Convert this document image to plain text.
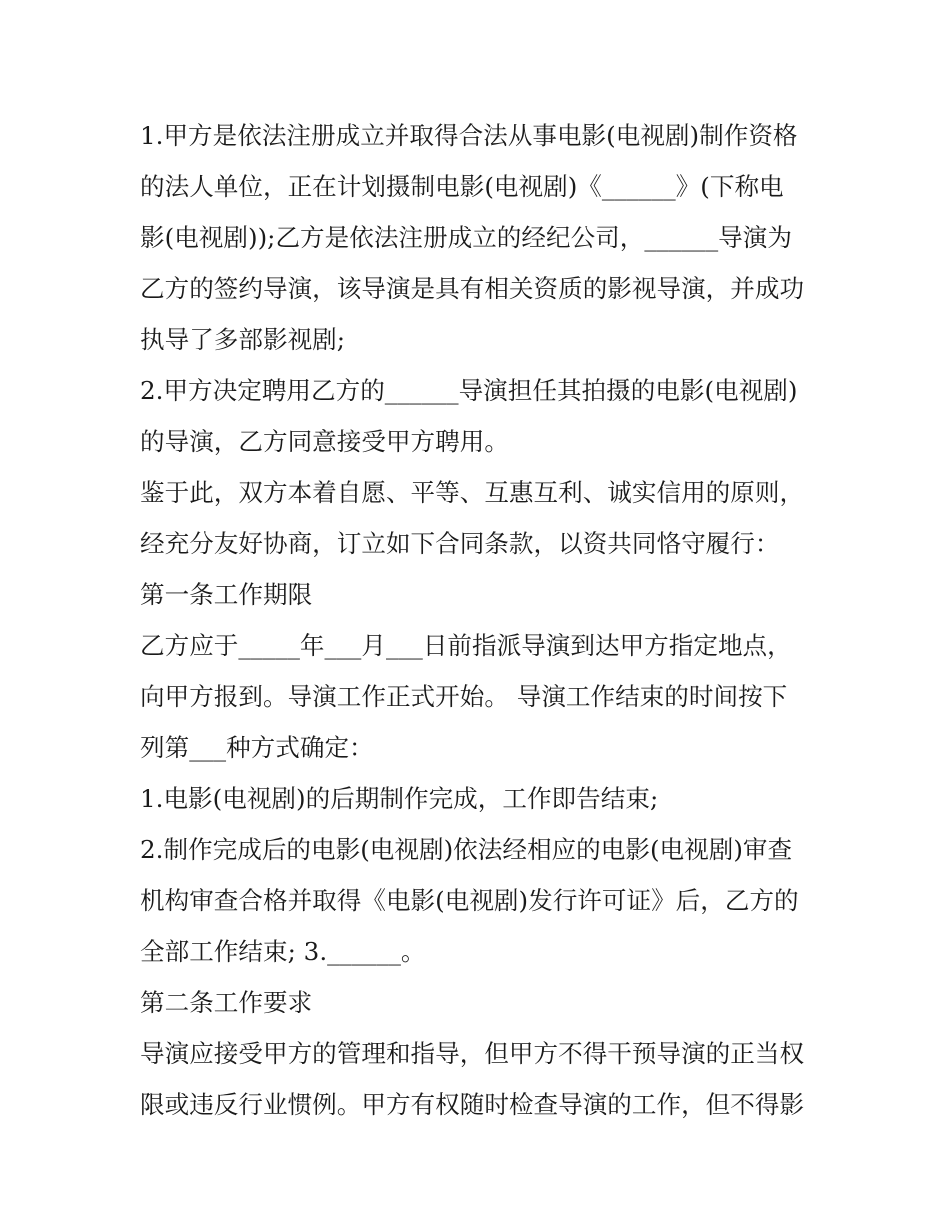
1.甲方是依法注册成立并取得合法从事电影(电视剧)制作资格

的法人单位，正在计划摄制电影(电视剧)《______》(下称电

影(电视剧));乙方是依法注册成立的经纪公司，______导演为

乙方的签约导演，该导演是具有相关资质的影视导演，并成功

执导了多部影视剧;

2.甲方决定聘用乙方的______导演担任其拍摄的电影(电视剧)

的导演，乙方同意接受甲方聘用。

鉴于此，双方本着自愿、平等、互惠互利、诚实信用的原则，

经充分友好协商，订立如下合同条款，以资共同恪守履行：

第一条工作期限

乙方应于_____年___月___日前指派导演到达甲方指定地点，

向甲方报到。导演工作正式开始。 导演工作结束的时间按下

列第___种方式确定：

1.电影(电视剧)的后期制作完成，工作即告结束;

2.制作完成后的电影(电视剧)依法经相应的电影(电视剧)审查

机构审查合格并取得《电影(电视剧)发行许可证》后，乙方的

全部工作结束; 3.______。

第二条工作要求

导演应接受甲方的管理和指导，但甲方不得干预导演的正当权

限或违反行业惯例。甲方有权随时检查导演的工作，但不得影
